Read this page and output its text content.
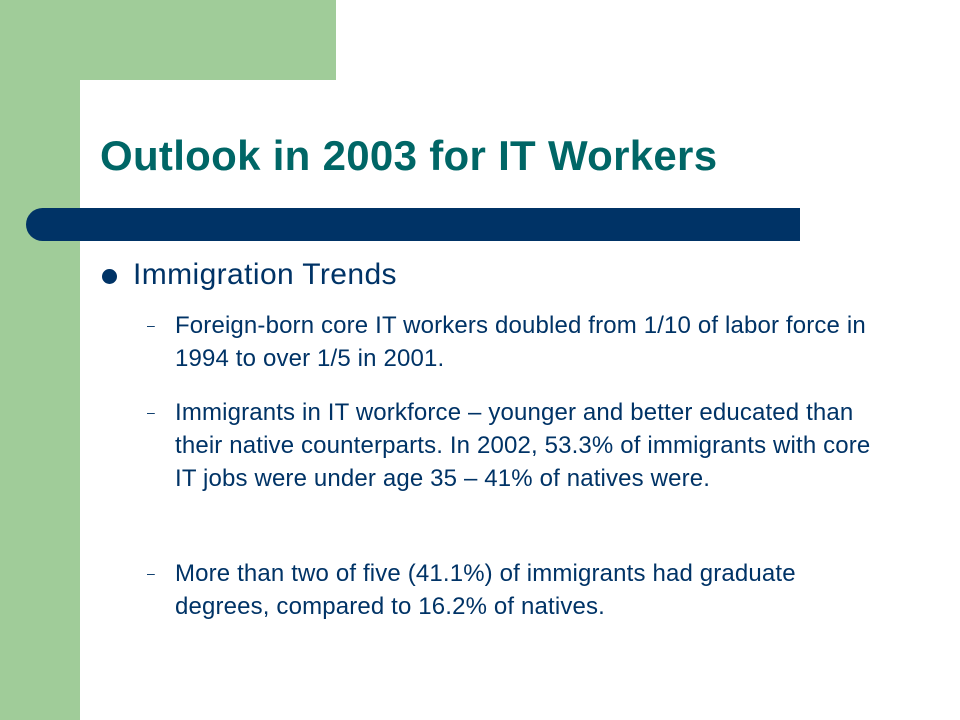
Outlook in 2003 for IT Workers
Immigration Trends
– Foreign-born core IT workers doubled from 1/10 of labor force in 1994 to over 1/5 in 2001.

– Immigrants in IT workforce – younger and better educated than their native counterparts. In 2002, 53.3% of immigrants with core IT jobs were under age 35 – 41% of natives were.

– More than two of five (41.1%) of immigrants had graduate degrees, compared to 16.2% of natives.
